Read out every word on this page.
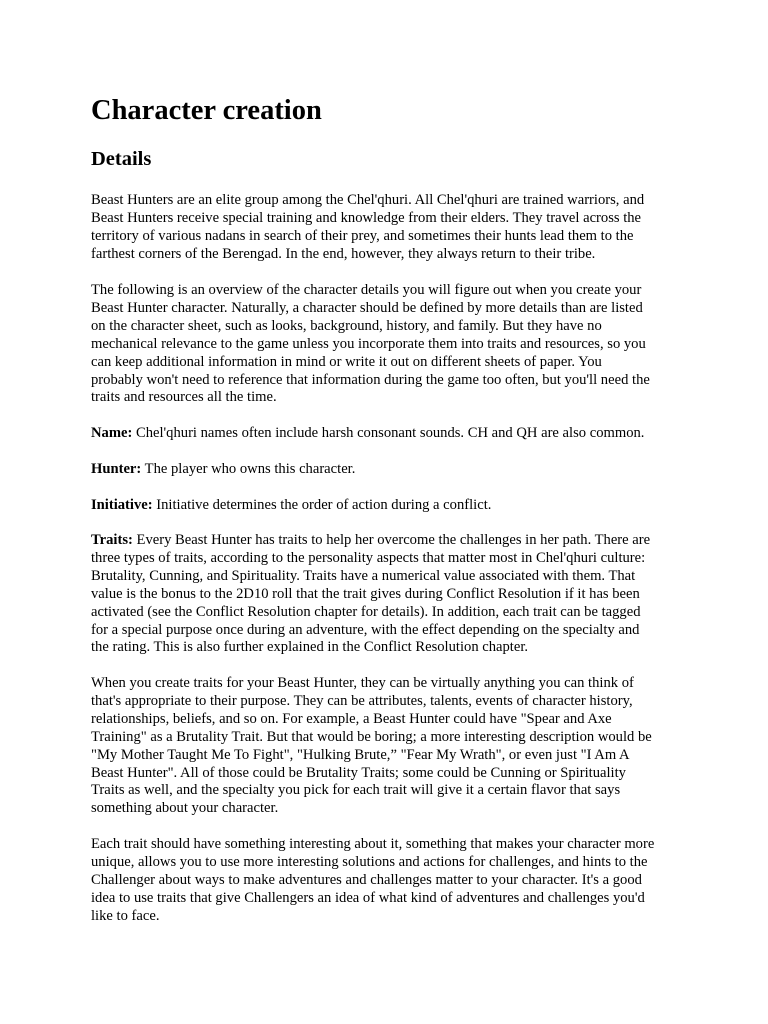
Character creation
Details

Beast Hunters are an elite group among the Chel'qhuri. All Chel'qhuri are trained warriors, and
Beast Hunters receive special training and knowledge from their elders. They travel across the
territory of various nadans in search of their prey, and sometimes their hunts lead them to the
farthest corners of the Berengad. In the end, however, they always return to their tribe.

The following is an overview of the character details you will figure out when you create your
Beast Hunter character. Naturally, a character should be defined by more details than are listed
on the character sheet, such as looks, background, history, and family. But they have no
mechanical relevance to the game unless you incorporate them into traits and resources, so you
can keep additional information in mind or write it out on different sheets of paper. You
probably won't need to reference that information during the game too often, but you'll need the
traits and resources all the time.

Name: Chel'qhuri names often include harsh consonant sounds. CH and QH are also common.

Hunter: The player who owns this character.

Initiative: Initiative determines the order of action during a conflict.

Traits: Every Beast Hunter has traits to help her overcome the challenges in her path. There are
three types of traits, according to the personality aspects that matter most in Chel'qhuri culture:
Brutality, Cunning, and Spirituality. Traits have a numerical value associated with them. That
value is the bonus to the 2D10 roll that the trait gives during Conflict Resolution if it has been
activated (see the Conflict Resolution chapter for details). In addition, each trait can be tagged
for a special purpose once during an adventure, with the effect depending on the specialty and
the rating. This is also further explained in the Conflict Resolution chapter.

When you create traits for your Beast Hunter, they can be virtually anything you can think of
that's appropriate to their purpose. They can be attributes, talents, events of character history,
relationships, beliefs, and so on. For example, a Beast Hunter could have "Spear and Axe
Training" as a Brutality Trait. But that would be boring; a more interesting description would be
"My Mother Taught Me To Fight", "Hulking Brute,” "Fear My Wrath", or even just "I Am A
Beast Hunter". All of those could be Brutality Traits; some could be Cunning or Spirituality
Traits as well, and the specialty you pick for each trait will give it a certain flavor that says
something about your character.

Each trait should have something interesting about it, something that makes your character more
unique, allows you to use more interesting solutions and actions for challenges, and hints to the
Challenger about ways to make adventures and challenges matter to your character. It's a good
idea to use traits that give Challengers an idea of what kind of adventures and challenges you'd
like to face.
